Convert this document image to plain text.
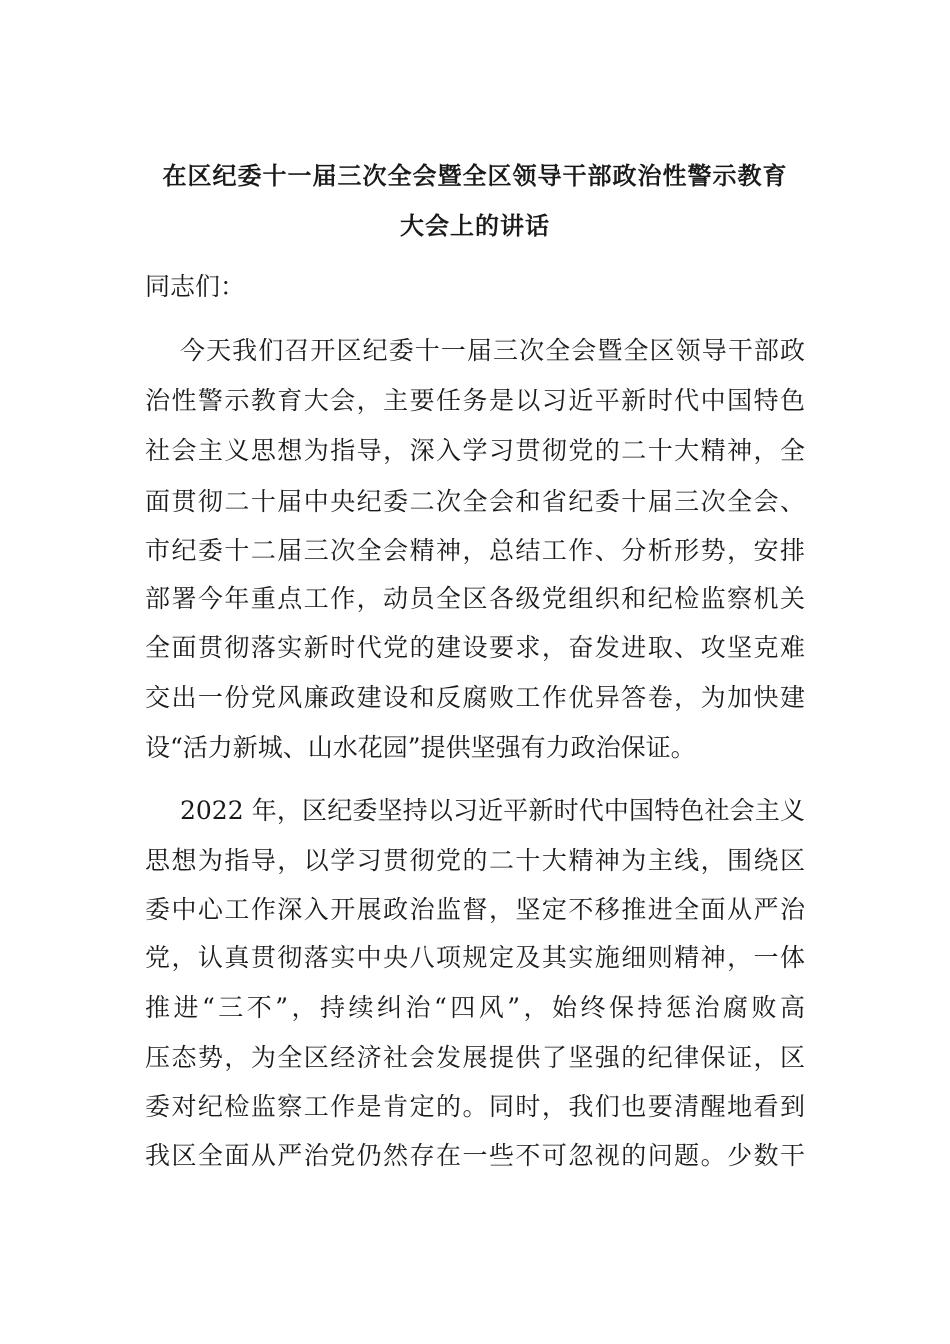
在区纪委十一届三次全会暨全区领导干部政治性警示教育
大会上的讲话
同志们：
今天我们召开区纪委十一届三次全会暨全区领导干部政
治性警示教育大会，主要任务是以习近平新时代中国特色
社会主义思想为指导，深入学习贯彻党的二十大精神，全
面贯彻二十届中央纪委二次全会和省纪委十届三次全会、
市纪委十二届三次全会精神，总结工作、分析形势，安排
部署今年重点工作，动员全区各级党组织和纪检监察机关
全面贯彻落实新时代党的建设要求，奋发进取、攻坚克难
交出一份党风廉政建设和反腐败工作优异答卷，为加快建
设“活力新城、山水花园”提供坚强有力政治保证。
2022 年，区纪委坚持以习近平新时代中国特色社会主义
思想为指导，以学习贯彻党的二十大精神为主线，围绕区
委中心工作深入开展政治监督，坚定不移推进全面从严治
党，认真贯彻落实中央八项规定及其实施细则精神，一体
推进“三不”，持续纠治“四风”，始终保持惩治腐败高
压态势，为全区经济社会发展提供了坚强的纪律保证，区
委对纪检监察工作是肯定的。同时，我们也要清醒地看到
我区全面从严治党仍然存在一些不可忽视的问题。少数干
